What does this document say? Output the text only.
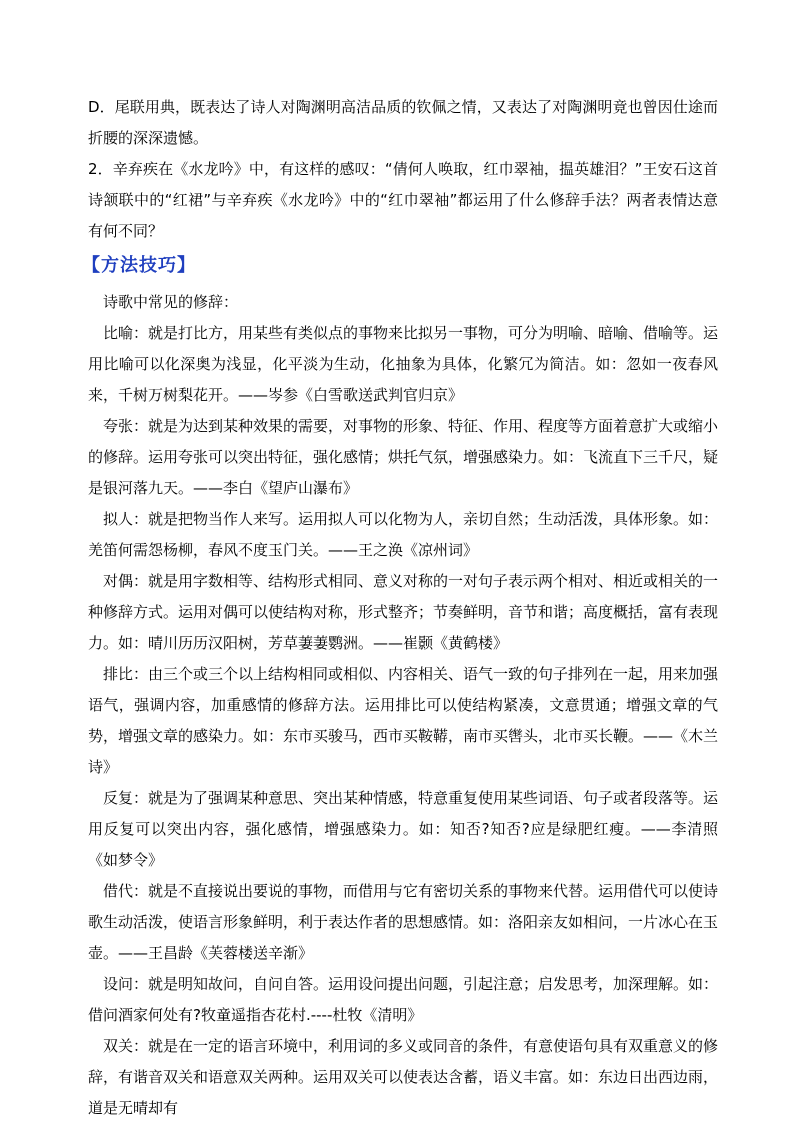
D．尾联用典，既表达了诗人对陶渊明高洁品质的钦佩之情，又表达了对陶渊明竟也曾因仕途而折腰的深深遗憾。

2．辛弃疾在《水龙吟》中，有这样的感叹：“倩何人唤取，红巾翠袖，揾英雄泪？”王安石这首诗颔联中的“红裙”与辛弃疾《水龙吟》中的“红巾翠袖”都运用了什么修辞手法？两者表情达意有何不同？

【方法技巧】

诗歌中常见的修辞：

比喻：就是打比方，用某些有类似点的事物来比拟另一事物，可分为明喻、暗喻、借喻等。运用比喻可以化深奥为浅显，化平淡为生动，化抽象为具体，化繁冗为简洁。如：忽如一夜春风来，千树万树梨花开。——岑参《白雪歌送武判官归京》

夸张：就是为达到某种效果的需要，对事物的形象、特征、作用、程度等方面着意扩大或缩小的修辞。运用夸张可以突出特征，强化感情；烘托气氛，增强感染力。如：飞流直下三千尺，疑是银河落九天。——李白《望庐山瀑布》

拟人：就是把物当作人来写。运用拟人可以化物为人，亲切自然；生动活泼，具体形象。如：羌笛何需怨杨柳，春风不度玉门关。——王之涣《凉州词》

对偶：就是用字数相等、结构形式相同、意义对称的一对句子表示两个相对、相近或相关的一种修辞方式。运用对偶可以使结构对称，形式整齐；节奏鲜明，音节和谐；高度概括，富有表现力。如：晴川历历汉阳树，芳草萋萋鹦洲。——崔颢《黄鹤楼》

排比：由三个或三个以上结构相同或相似、内容相关、语气一致的句子排列在一起，用来加强语气，强调内容，加重感情的修辞方法。运用排比可以使结构紧凑，文意贯通；增强文章的气势，增强文章的感染力。如：东市买骏马，西市买鞍鞯，南市买辔头，北市买长鞭。——《木兰诗》

反复：就是为了强调某种意思、突出某种情感，特意重复使用某些词语、句子或者段落等。运用反复可以突出内容，强化感情，增强感染力。如：知否?知否?应是绿肥红瘦。——李清照《如梦令》

借代：就是不直接说出要说的事物，而借用与它有密切关系的事物来代替。运用借代可以使诗歌生动活泼，使语言形象鲜明，利于表达作者的思想感情。如：洛阳亲友如相问，一片冰心在玉壶。——王昌龄《芙蓉楼送辛渐》

设问：就是明知故问，自问自答。运用设问提出问题，引起注意；启发思考，加深理解。如：借问酒家何处有?牧童遥指杏花村.----杜牧《清明》

双关：就是在一定的语言环境中，利用词的多义或同音的条件，有意使语句具有双重意义的修辞，有谐音双关和语意双关两种。运用双关可以使表达含蓄，语义丰富。如：东边日出西边雨，道是无晴却有
